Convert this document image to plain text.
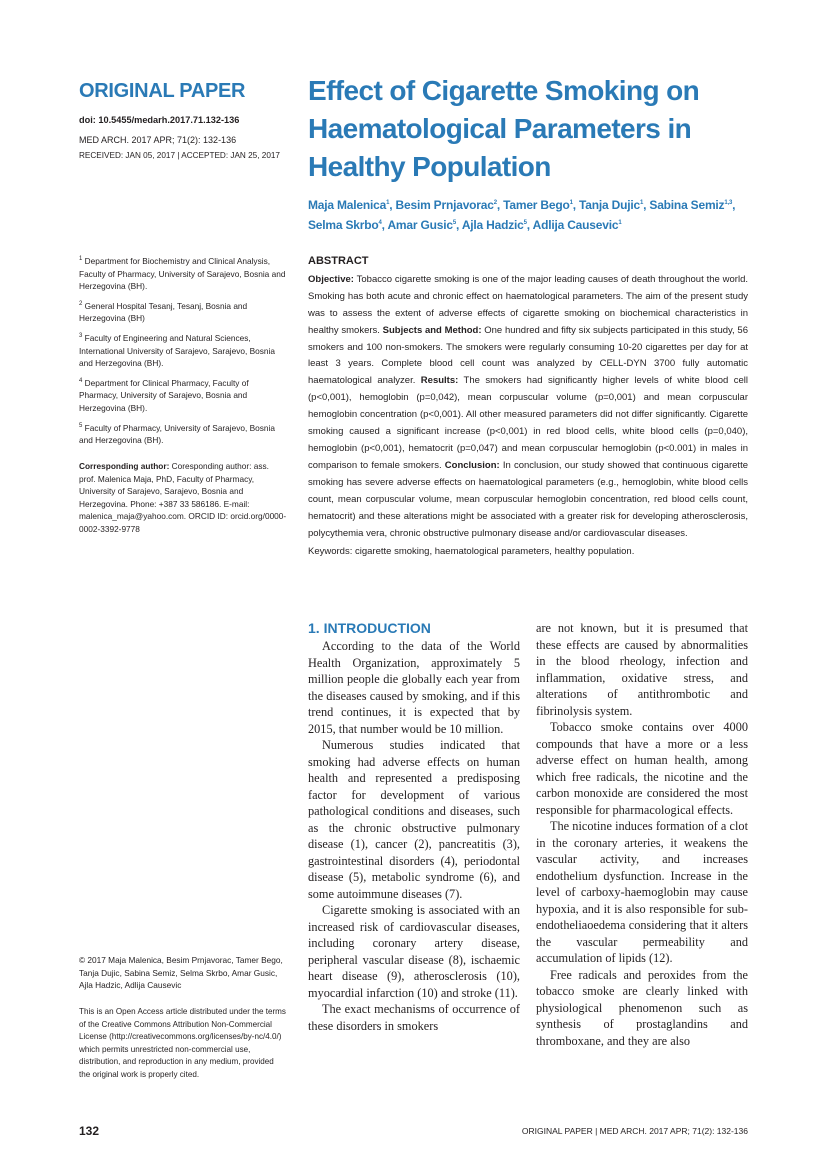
ORIGINAL PAPER
doi: 10.5455/medarh.2017.71.132-136
MED ARCH. 2017 APR; 71(2): 132-136
RECEIVED: JAN 05, 2017 | ACCEPTED: JAN 25, 2017

$^1$ Department for Biochemistry and Clinical Analysis, Faculty of Pharmacy, University of Sarajevo, Bosnia and Herzegovina (BH).

$^2$ General Hospital Tesanj, Tesanj, Bosnia and Herzegovina (BH)

$^3$ Faculty of Engineering and Natural Sciences, International University of Sarajevo, Sarajevo, Bosnia and Herzegovina (BH).

$^4$ Department for Clinical Pharmacy, Faculty of Pharmacy, University of Sarajevo, Bosnia and Herzegovina (BH).

$^5$ Faculty of Pharmacy, University of Sarajevo, Bosnia and Herzegovina (BH).

Corresponding author: Coresponding author: ass. prof. Malenica Maja, PhD, Faculty of Pharmacy, University of Sarajevo, Sarajevo, Bosnia and Herzegovina. Phone: +387 33 586186. E-mail: malenica_maja@yahoo.com. ORCID ID: orcid.org/0000-0002-3392-9778
© 2017 Maja Malenica, Besim Prnjavorac, Tamer Bego, Tanja Dujic, Sabina Semiz, Selma Skrbo, Amar Gusic, Ajla Hadzic, Adlija Causevic
This is an Open Access article distributed under the terms of the Creative Commons Attribution Non-Commercial License (http://creativecommons.org/licenses/by-nc/4.0/) which permits unrestricted non-commercial use, distribution, and reproduction in any medium, provided the original work is properly cited.
Effect of Cigarette Smoking on Haematological Parameters in Healthy Population
Maja Malenica$^1$, Besim Prnjavorac$^2$, Tamer Bego$^1$, Tanja Dujic$^1$, Sabina Semiz$^{1,3}$, Selma Skrbo$^4$, Amar Gusic$^5$, Ajla Hadzic$^5$, Adlija Causevic$^1$
ABSTRACT

Objective: Tobacco cigarette smoking is one of the major leading causes of death throughout the world. Smoking has both acute and chronic effect on haematological parameters. The aim of the present study was to assess the extent of adverse effects of cigarette smoking on biochemical characteristics in healthy smokers. Subjects and Method: One hundred and fifty six subjects participated in this study, 56 smokers and 100 non-smokers. The smokers were regularly consuming 10-20 cigarettes per day for at least 3 years. Complete blood cell count was analyzed by CELL-DYN 3700 fully automatic haematological analyzer. Results: The smokers had significantly higher levels of white blood cell (p<0,001), hemoglobin (p=0,042), mean corpuscular volume (p=0,001) and mean corpuscular hemoglobin concentration (p<0,001). All other measured parameters did not differ significantly. Cigarette smoking caused a significant increase (p<0,001) in red blood cells, white blood cells (p=0,040), hemoglobin (p<0,001), hematocrit (p=0,047) and mean corpuscular hemoglobin (p<0.001) in males in comparison to female smokers. Conclusion: In conclusion, our study showed that continuous cigarette smoking has severe adverse effects on haematological parameters (e.g., hemoglobin, white blood cells count, mean corpuscular volume, mean corpuscular hemoglobin concentration, red blood cells count, hematocrit) and these alterations might be associated with a greater risk for developing atherosclerosis, polycythemia vera, chronic obstructive pulmonary disease and/or cardiovascular diseases.

Keywords: cigarette smoking, haematological parameters, healthy population.

1. INTRODUCTION

According to the data of the World Health Organization, approximately 5 million people die globally each year from the diseases caused by smoking, and if this trend continues, it is expected that by 2015, that number would be 10 million.

Numerous studies indicated that smoking had adverse effects on human health and represented a predisposing factor for development of various pathological conditions and diseases, such as the chronic obstructive pulmonary disease (1), cancer (2), pancreatitis (3), gastrointestinal disorders (4), periodontal disease (5), metabolic syndrome (6), and some autoimmune diseases (7).

Cigarette smoking is associated with an increased risk of cardiovascular diseases, including coronary artery disease, peripheral vascular disease (8), ischaemic heart disease (9), atherosclerosis (10), myocardial infarction (10) and stroke (11).

The exact mechanisms of occurrence of these disorders in smokers

are not known, but it is presumed that these effects are caused by abnormalities in the blood rheology, infection and inflammation, oxidative stress, and alterations of antithrombotic and fibrinolysis system.

Tobacco smoke contains over 4000 compounds that have a more or a less adverse effect on human health, among which free radicals, the nicotine and the carbon monoxide are considered the most responsible for pharmacological effects.

The nicotine induces formation of a clot in the coronary arteries, it weakens the vascular activity, and increases endothelium dysfunction. Increase in the level of carboxy-haemoglobin may cause hypoxia, and it is also responsible for sub-endotheliaoedema considering that it alters the vascular permeability and accumulation of lipids (12).

Free radicals and peroxides from the tobacco smoke are clearly linked with physiological phenomenon such as synthesis of prostaglandins and thromboxane, and they are also

132	ORIGINAL PAPER | MED ARCH. 2017 APR; 71(2): 132-136
